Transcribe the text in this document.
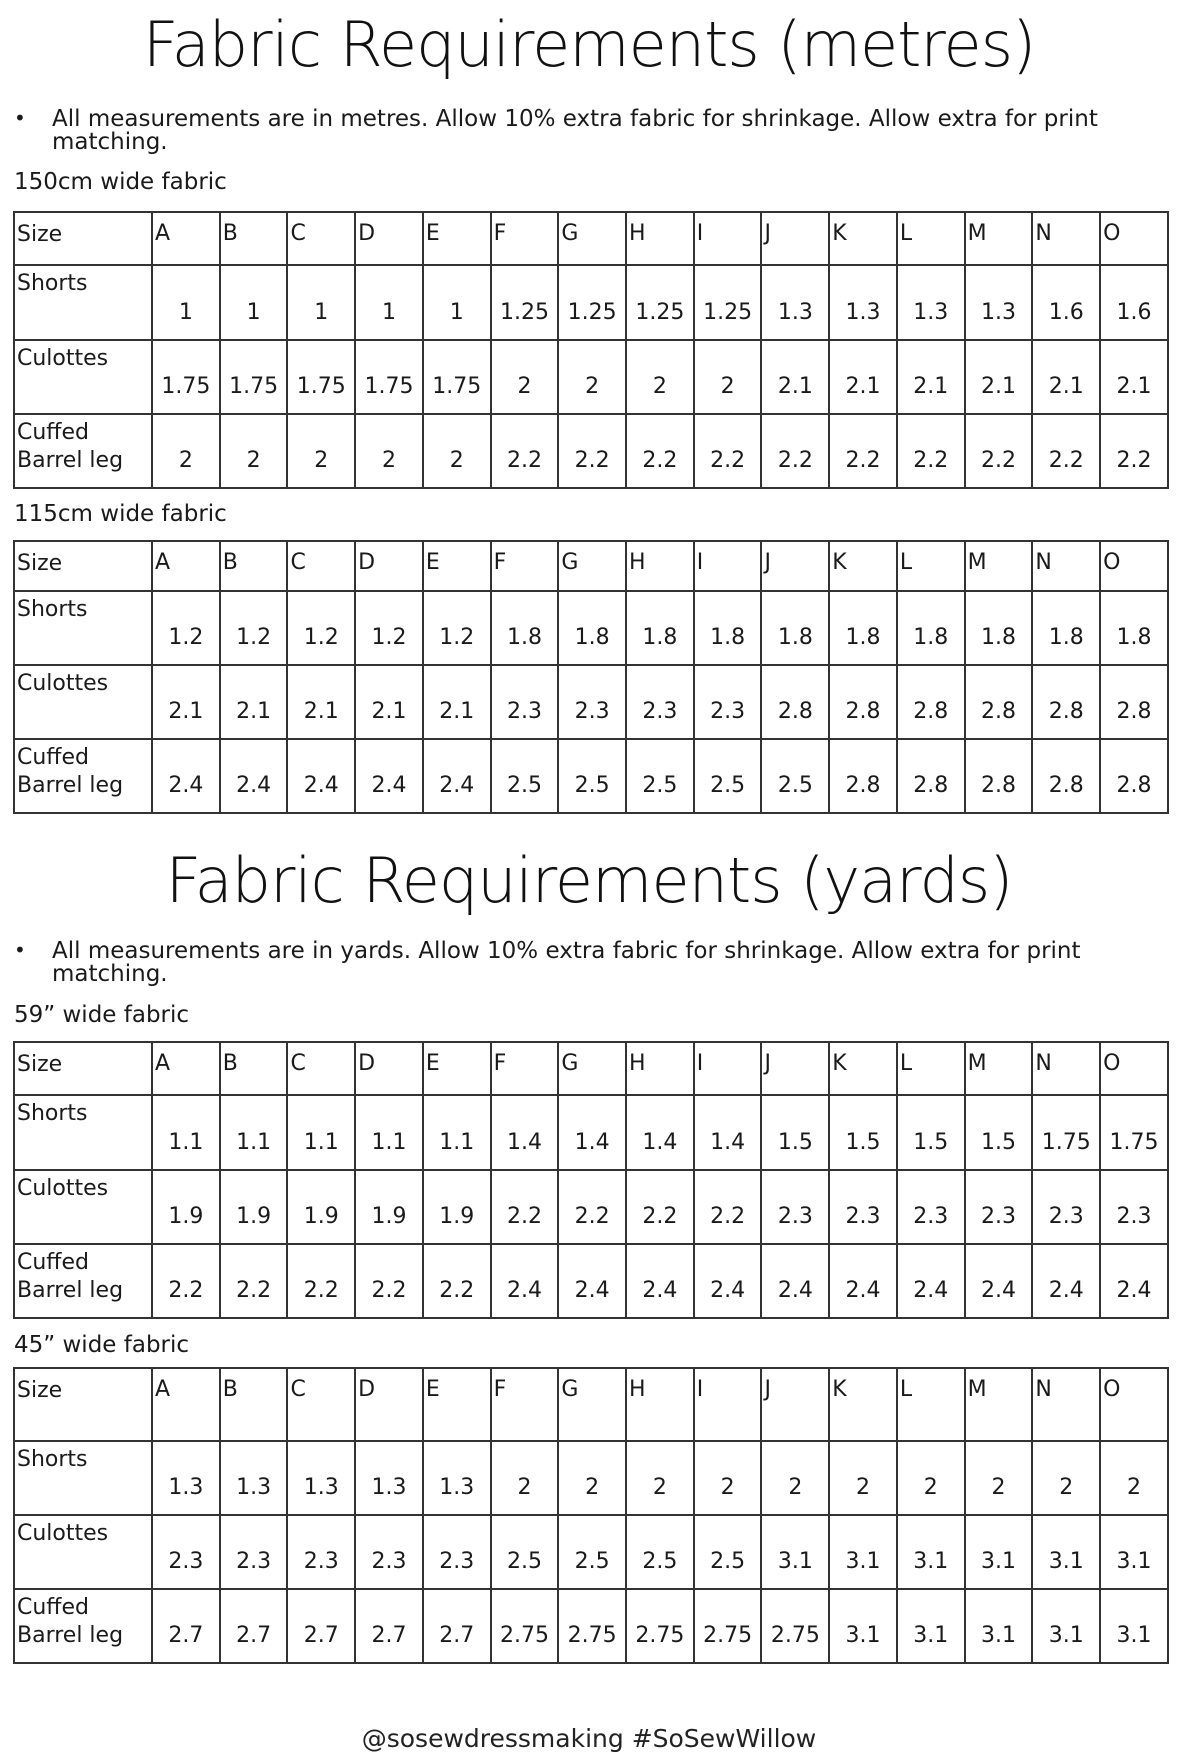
Fabric Requirements (metres)

• All measurements are in metres. Allow 10% extra fabric for shrinkage. Allow extra for print matching.

150cm wide fabric

Size	A	B	C	D	E	F	G	H	I	J	K	L	M	N	O
Shorts	1	1	1	1	1	1.25	1.25	1.25	1.25	1.3	1.3	1.3	1.3	1.6	1.6
Culottes	1.75	1.75	1.75	1.75	1.75	2	2	2	2	2.1	2.1	2.1	2.1	2.1	2.1
Cuffed Barrel leg	2	2	2	2	2	2.2	2.2	2.2	2.2	2.2	2.2	2.2	2.2	2.2	2.2

115cm wide fabric

Size	A	B	C	D	E	F	G	H	I	J	K	L	M	N	O
Shorts	1.2	1.2	1.2	1.2	1.2	1.8	1.8	1.8	1.8	1.8	1.8	1.8	1.8	1.8	1.8
Culottes	2.1	2.1	2.1	2.1	2.1	2.3	2.3	2.3	2.3	2.8	2.8	2.8	2.8	2.8	2.8
Cuffed Barrel leg	2.4	2.4	2.4	2.4	2.4	2.5	2.5	2.5	2.5	2.5	2.8	2.8	2.8	2.8	2.8
Fabric Requirements (yards)

• All measurements are in yards. Allow 10% extra fabric for shrinkage. Allow extra for print matching.

59” wide fabric

Size	A	B	C	D	E	F	G	H	I	J	K	L	M	N	O
Shorts	1.1	1.1	1.1	1.1	1.1	1.4	1.4	1.4	1.4	1.5	1.5	1.5	1.5	1.75	1.75
Culottes	1.9	1.9	1.9	1.9	1.9	2.2	2.2	2.2	2.2	2.3	2.3	2.3	2.3	2.3	2.3
Cuffed Barrel leg	2.2	2.2	2.2	2.2	2.2	2.4	2.4	2.4	2.4	2.4	2.4	2.4	2.4	2.4	2.4

45” wide fabric

Size	A	B	C	D	E	F	G	H	I	J	K	L	M	N	O
Shorts	1.3	1.3	1.3	1.3	1.3	2	2	2	2	2	2	2	2	2	2
Culottes	2.3	2.3	2.3	2.3	2.3	2.5	2.5	2.5	2.5	3.1	3.1	3.1	3.1	3.1	3.1
Cuffed Barrel leg	2.7	2.7	2.7	2.7	2.7	2.75	2.75	2.75	2.75	2.75	3.1	3.1	3.1	3.1	3.1
@sosewdressmaking #SoSewWillow
